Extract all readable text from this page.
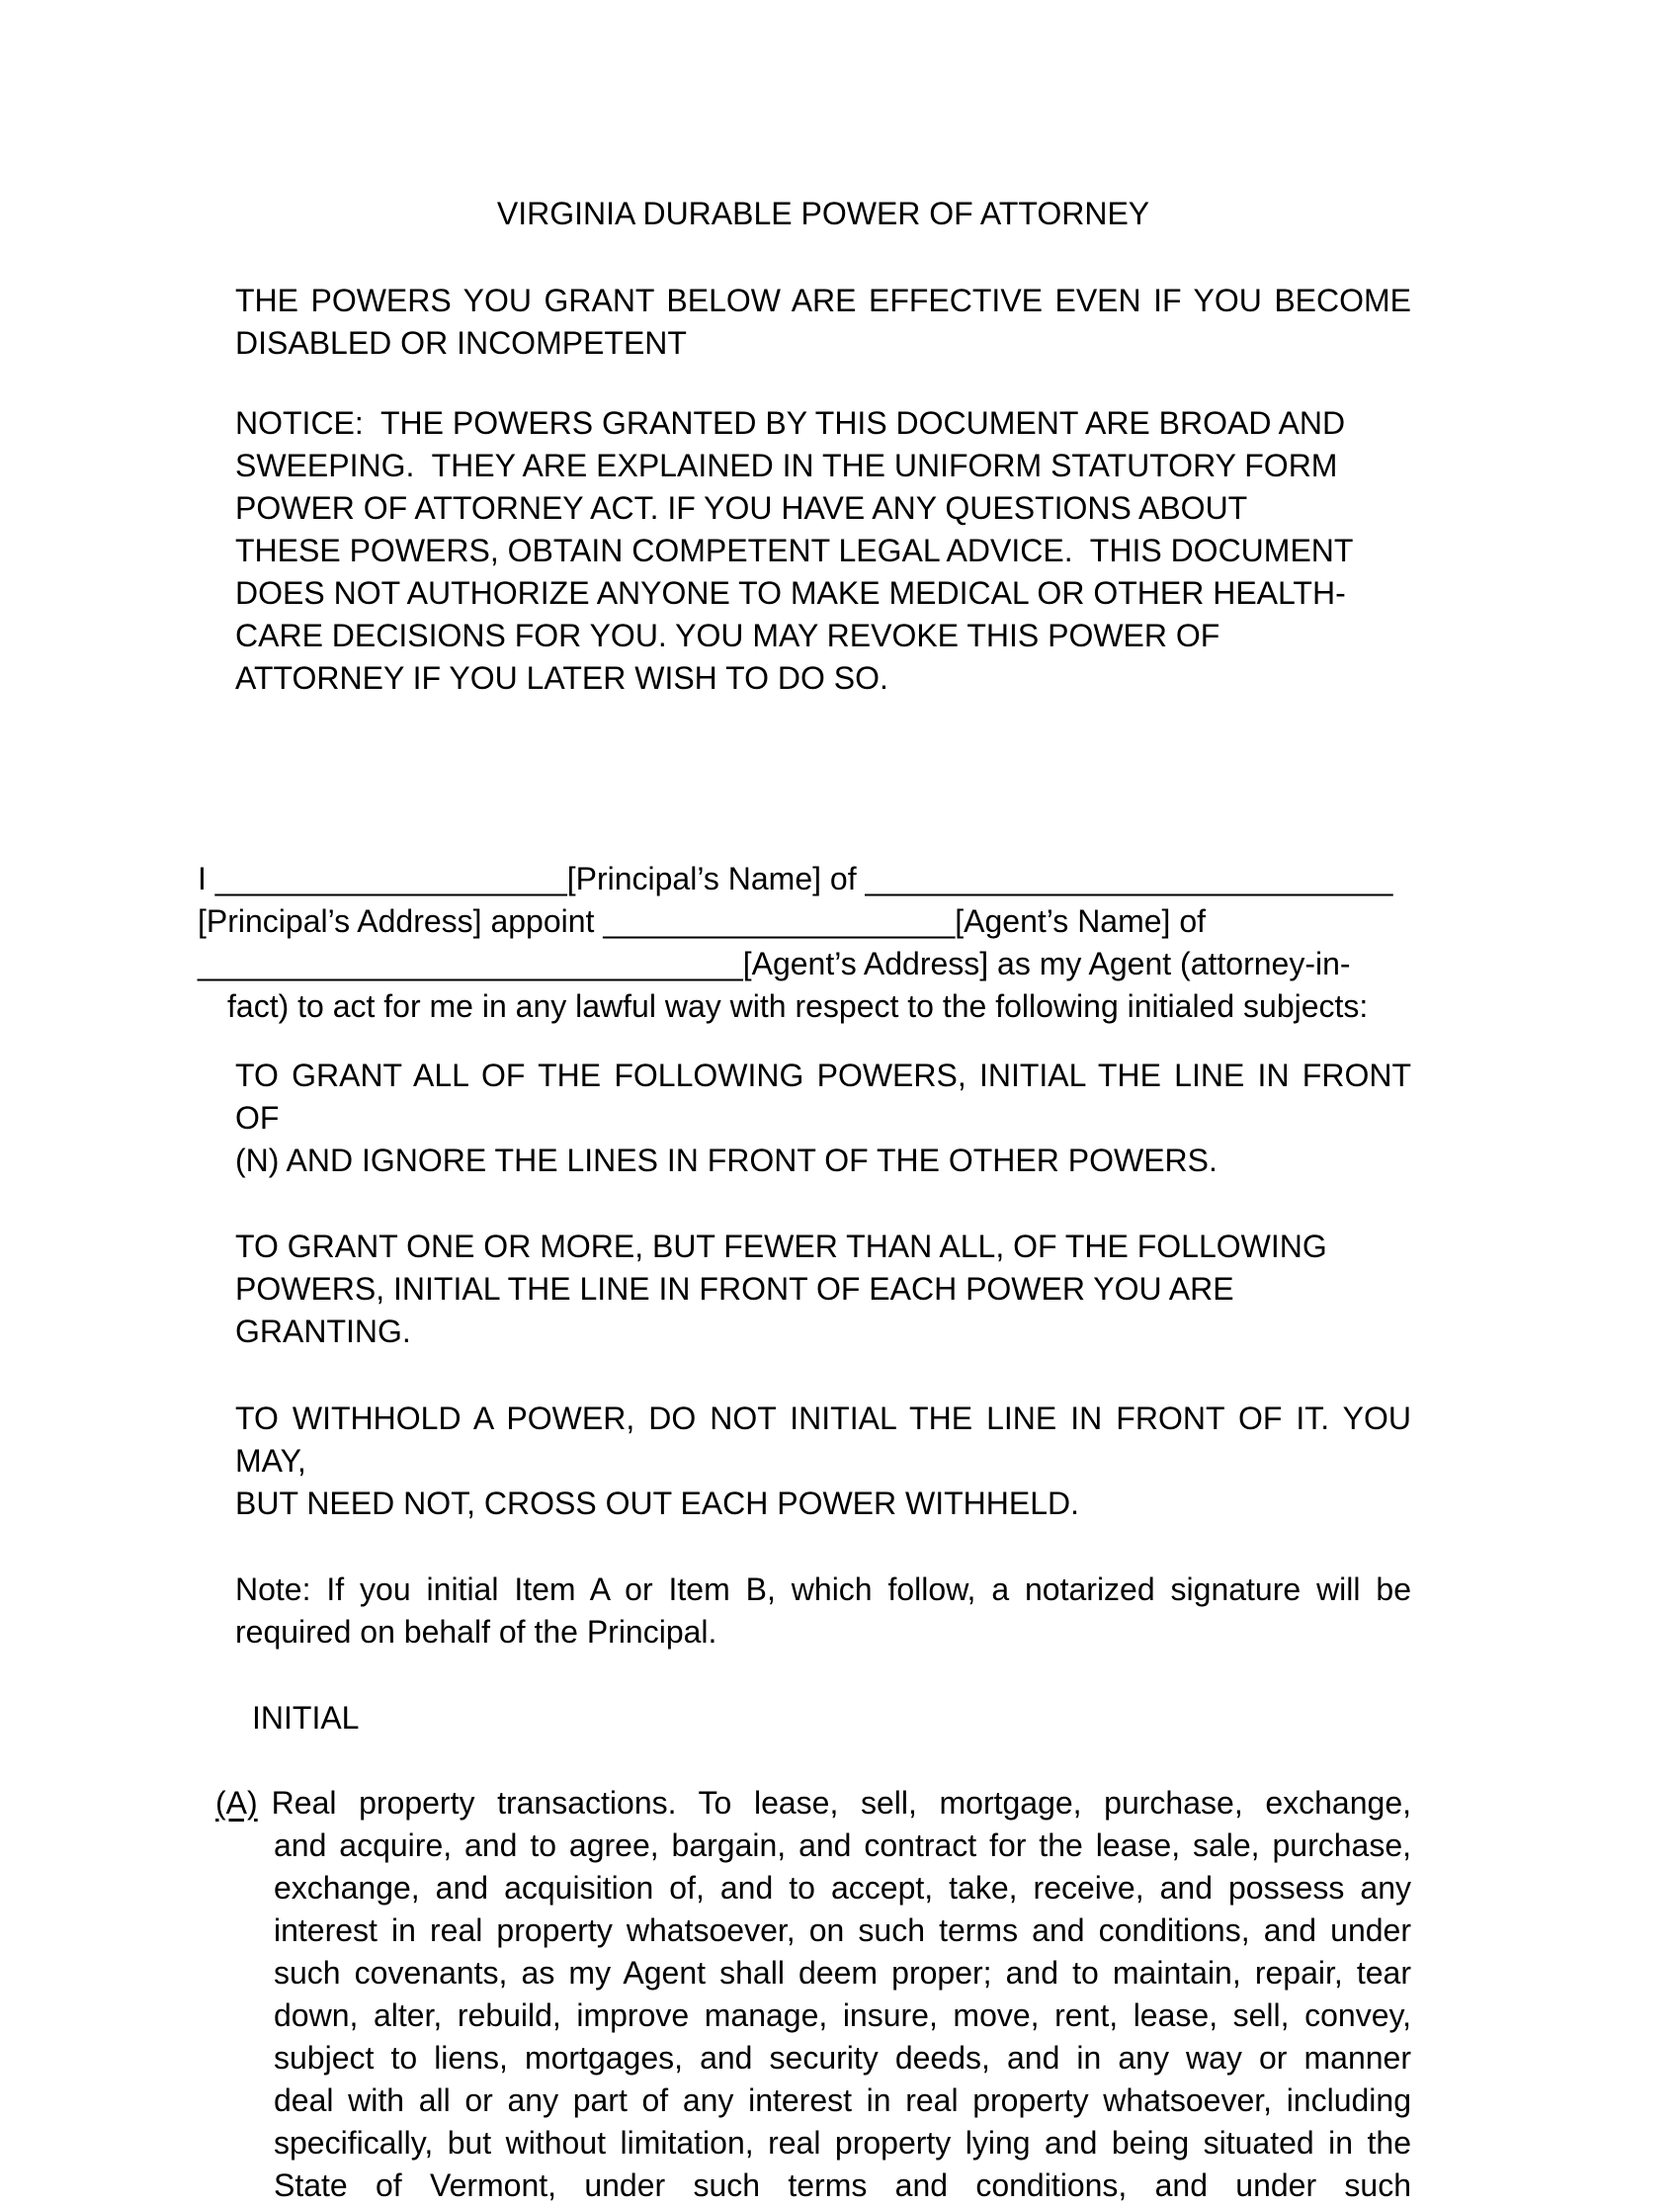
VIRGINIA DURABLE POWER OF ATTORNEY
THE POWERS YOU GRANT BELOW ARE EFFECTIVE EVEN IF YOU BECOME
DISABLED OR INCOMPETENT
NOTICE:  THE POWERS GRANTED BY THIS DOCUMENT ARE BROAD AND
SWEEPING.  THEY ARE EXPLAINED IN THE UNIFORM STATUTORY FORM
POWER OF ATTORNEY ACT. IF YOU HAVE ANY QUESTIONS ABOUT
THESE POWERS, OBTAIN COMPETENT LEGAL ADVICE.  THIS DOCUMENT
DOES NOT AUTHORIZE ANYONE TO MAKE MEDICAL OR OTHER HEALTH-
CARE DECISIONS FOR YOU. YOU MAY REVOKE THIS POWER OF
ATTORNEY IF YOU LATER WISH TO DO SO.
I ____________________[Principal’s Name] of ______________________________
[Principal’s Address] appoint ____________________[Agent’s Name] of
_______________________________[Agent’s Address] as my Agent (attorney-in-
fact) to act for me in any lawful way with respect to the following initialed subjects:
TO GRANT ALL OF THE FOLLOWING POWERS, INITIAL THE LINE IN FRONT OF
(N) AND IGNORE THE LINES IN FRONT OF THE OTHER POWERS.
TO GRANT ONE OR MORE, BUT FEWER THAN ALL, OF THE FOLLOWING
POWERS, INITIAL THE LINE IN FRONT OF EACH POWER YOU ARE
GRANTING.
TO WITHHOLD A POWER, DO NOT INITIAL THE LINE IN FRONT OF IT. YOU MAY,
BUT NEED NOT, CROSS OUT EACH POWER WITHHELD.
Note: If you initial Item A or Item B, which follow, a notarized signature will be
required on behalf of the Principal.
INITIAL
(A) Real property transactions. To lease, sell, mortgage, purchase, exchange,
and acquire, and to agree, bargain, and contract for the lease, sale, purchase,
exchange, and acquisition of, and to accept, take, receive, and possess any
interest in real property whatsoever, on such terms and conditions, and under
such covenants, as my Agent shall deem proper; and to maintain, repair, tear
down, alter, rebuild, improve manage, insure, move, rent, lease, sell, convey,
subject to liens, mortgages, and security deeds, and in any way or manner
deal with all or any part of any interest in real property whatsoever, including
specifically, but without limitation, real property lying and being situated in the
State of Vermont, under such terms and conditions, and under such
